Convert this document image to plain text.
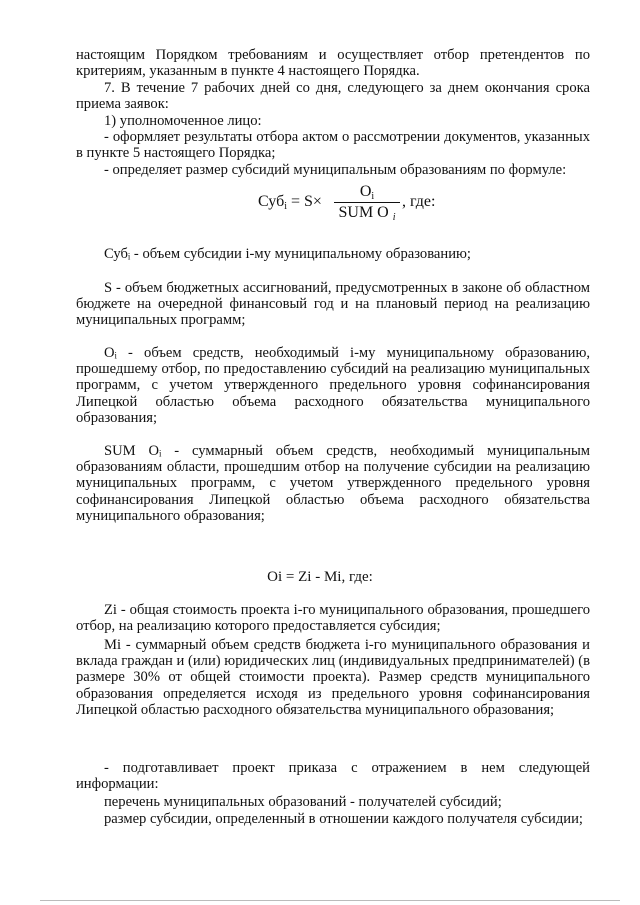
настоящим Порядком требованиям и осуществляет отбор претендентов по критериям, указанным в пункте 4 настоящего Порядка.
7. В течение 7 рабочих дней со дня, следующего за днем окончания срока приема заявок:
1) уполномоченное лицо:
- оформляет результаты отбора актом о рассмотрении документов, указанных в пункте 5 настоящего Порядка;
- определяет размер субсидий муниципальным образованиям по формуле:
Суб$_i$ = S×
$O_i$
SUM O $_i$
, где:
Субᵢ - объем субсидии i-му муниципальному образованию;
S - объем бюджетных ассигнований, предусмотренных в законе об областном бюджете на очередной финансовый год и на плановый период на реализацию муниципальных программ;
Oᵢ - объем средств, необходимый i-му муниципальному образованию, прошедшему отбор, по предоставлению субсидий на реализацию муниципальных программ, с учетом утвержденного предельного уровня софинансирования Липецкой областью объема расходного обязательства муниципального образования;
SUM Oᵢ - суммарный объем средств, необходимый муниципальным образованиям области, прошедшим отбор на получение субсидии на реализацию муниципальных программ, с учетом утвержденного предельного уровня софинансирования Липецкой областью объема расходного обязательства муниципального образования;
Oi = Zi - Mi, где:
Zi - общая стоимость проекта i-го муниципального образования, прошедшего отбор, на реализацию которого предоставляется субсидия;
Mi - суммарный объем средств бюджета i-го муниципального образования и вклада граждан и (или) юридических лиц (индивидуальных предпринимателей) (в размере 30% от общей стоимости проекта). Размер средств муниципального образования определяется исходя из предельного уровня софинансирования Липецкой областью расходного обязательства муниципального образования;
- подготавливает проект приказа с отражением в нем следующей информации:
перечень муниципальных образований - получателей субсидий;
размер субсидии, определенный в отношении каждого получателя субсидии;
